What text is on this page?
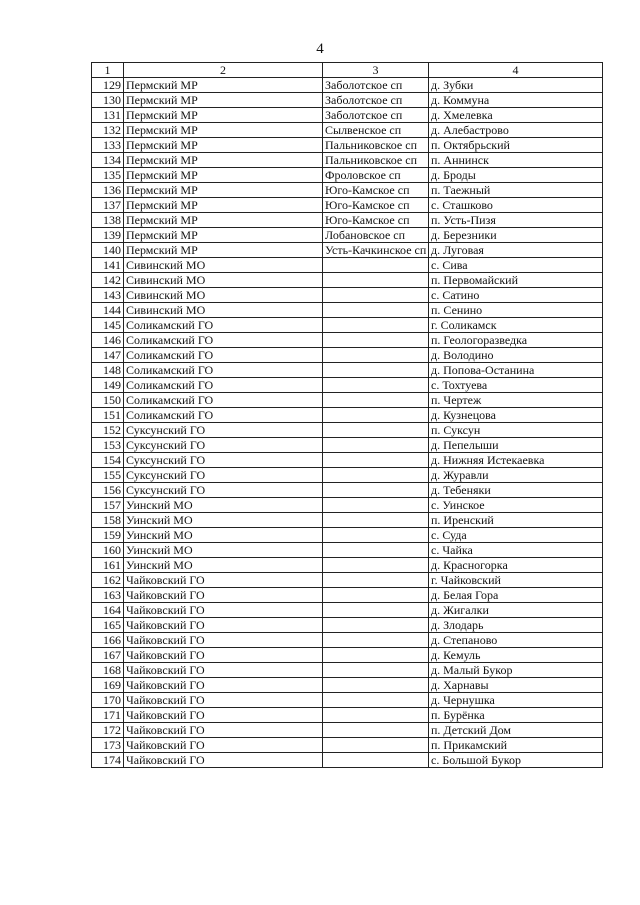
4
1	2	3	4
129	Пермский МР	Заболотское сп	д. Зубки
130	Пермский МР	Заболотское сп	д. Коммуна
131	Пермский МР	Заболотское сп	д. Хмелевка
132	Пермский МР	Сылвенское сп	д. Алебастрово
133	Пермский МР	Пальниковское сп	п. Октябрьский
134	Пермский МР	Пальниковское сп	п. Аннинск
135	Пермский МР	Фроловское сп	д. Броды
136	Пермский МР	Юго-Камское сп	п. Таежный
137	Пермский МР	Юго-Камское сп	с. Сташково
138	Пермский МР	Юго-Камское сп	п. Усть-Пизя
139	Пермский МР	Лобановское сп	д. Березники
140	Пермский МР	Усть-Качкинское сп	д. Луговая
141	Сивинский МО		с. Сива
142	Сивинский МО		п. Первомайский
143	Сивинский МО		с. Сатино
144	Сивинский МО		п. Сенино
145	Соликамский ГО		г. Соликамск
146	Соликамский ГО		п. Геологоразведка
147	Соликамский ГО		д. Володино
148	Соликамский ГО		д. Попова-Останина
149	Соликамский ГО		с. Тохтуева
150	Соликамский ГО		п. Чертеж
151	Соликамский ГО		д. Кузнецова
152	Суксунский ГО		п. Суксун
153	Суксунский ГО		д. Пепелыши
154	Суксунский ГО		д. Нижняя Истекаевка
155	Суксунский ГО		д. Журавли
156	Суксунский ГО		д. Тебеняки
157	Уинский МО		с. Уинское
158	Уинский МО		п. Иренский
159	Уинский МО		с. Суда
160	Уинский МО		с. Чайка
161	Уинский МО		д. Красногорка
162	Чайковский ГО		г. Чайковский
163	Чайковский ГО		д. Белая Гора
164	Чайковский ГО		д. Жигалки
165	Чайковский ГО		д. Злодарь
166	Чайковский ГО		д. Степаново
167	Чайковский ГО		д. Кемуль
168	Чайковский ГО		д. Малый Букор
169	Чайковский ГО		д. Харнавы
170	Чайковский ГО		д. Чернушка
171	Чайковский ГО		п. Бурёнка
172	Чайковский ГО		п. Детский Дом
173	Чайковский ГО		п. Прикамский
174	Чайковский ГО		с. Большой Букор
